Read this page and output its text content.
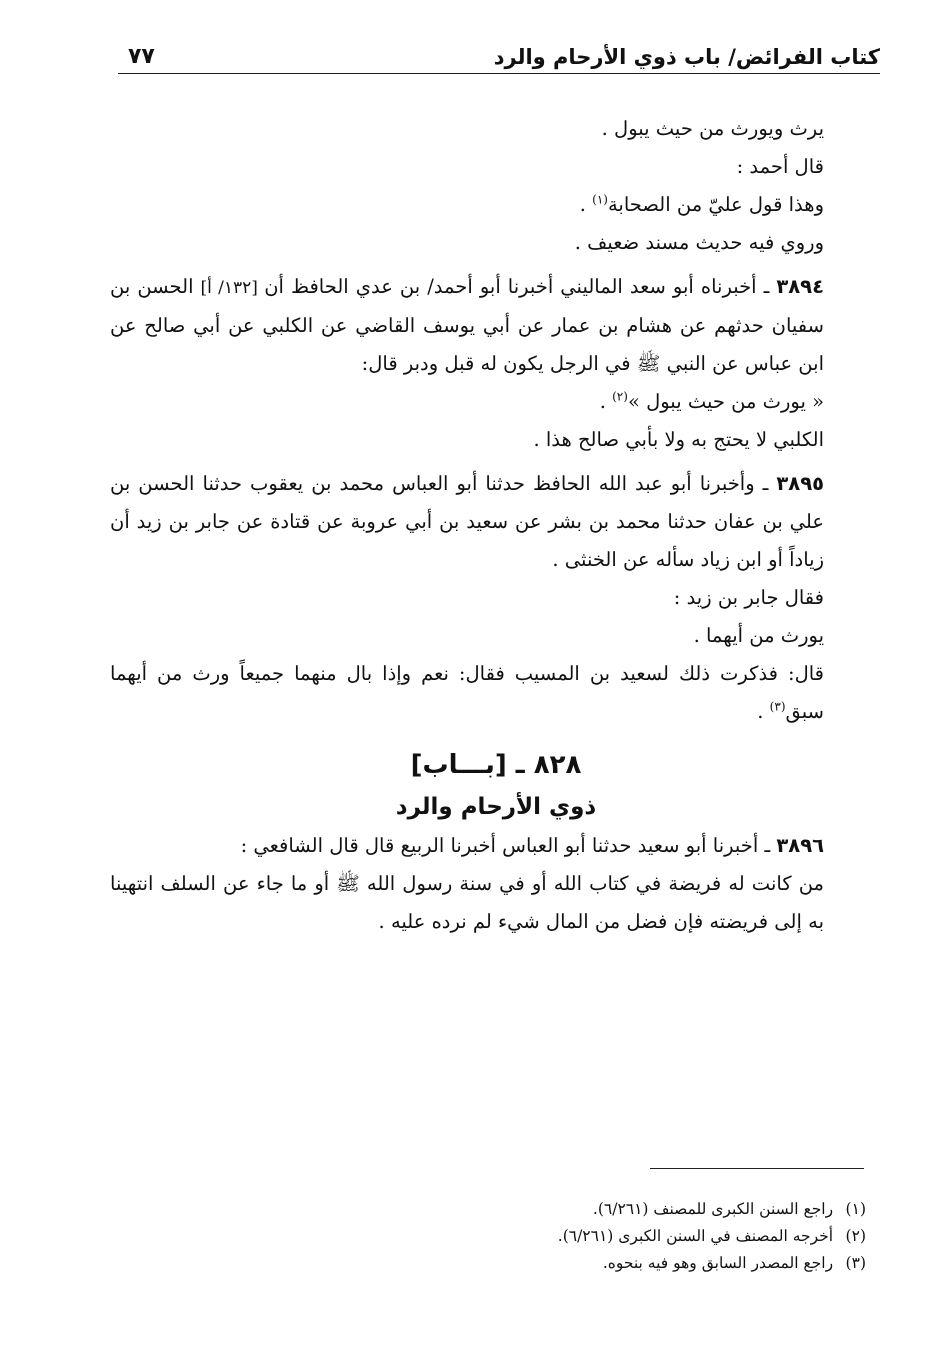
كتاب الفرائض/ باب ذوي الأرحام والرد
٧٧

يرث ويورث من حيث يبول .

قال أحمد :

وهذا قول عليّ من الصحابة$^{(١)}$ .

وروي فيه حديث مسند ضعيف .

٣٨٩٤ ـ أخبرناه أبو سعد الماليني أخبرنا أبو أحمد/ بن عدي الحافظ أن [١٣٢/ أ] الحسن بن سفيان حدثهم عن هشام بن عمار عن أبي يوسف القاضي عن الكلبي عن أبي صالح عن ابن عباس عن النبي ﷺ في الرجل يكون له قبل ودبر قال:

« يورث من حيث يبول »$^{(٢)}$ .

الكلبي لا يحتج به ولا بأبي صالح هذا .

٣٨٩٥ ـ وأخبرنا أبو عبد الله الحافظ حدثنا أبو العباس محمد بن يعقوب حدثنا الحسن بن علي بن عفان حدثنا محمد بن بشر عن سعيد بن أبي عروبة عن قتادة عن جابر بن زيد أن زياداً أو ابن زياد سأله عن الخنثى .

فقال جابر بن زيد :

يورث من أيهما .

قال: فذكرت ذلك لسعيد بن المسيب فقال: نعم وإذا بال منهما جميعاً ورث من أيهما سبق$^{(٣)}$ .

٨٢٨ ـ [بـــاب]

ذوي الأرحام والرد

٣٨٩٦ ـ أخبرنا أبو سعيد حدثنا أبو العباس أخبرنا الربيع قال قال الشافعي :

من كانت له فريضة في كتاب الله أو في سنة رسول الله ﷺ أو ما جاء عن السلف انتهينا به إلى فريضته فإن فضل من المال شيء لم نرده عليه .

(١) راجع السنن الكبرى للمصنف (٦/٢٦١).

(٢) أخرجه المصنف في السنن الكبرى (٦/٢٦١).

(٣) راجع المصدر السابق وهو فيه بنحوه.
